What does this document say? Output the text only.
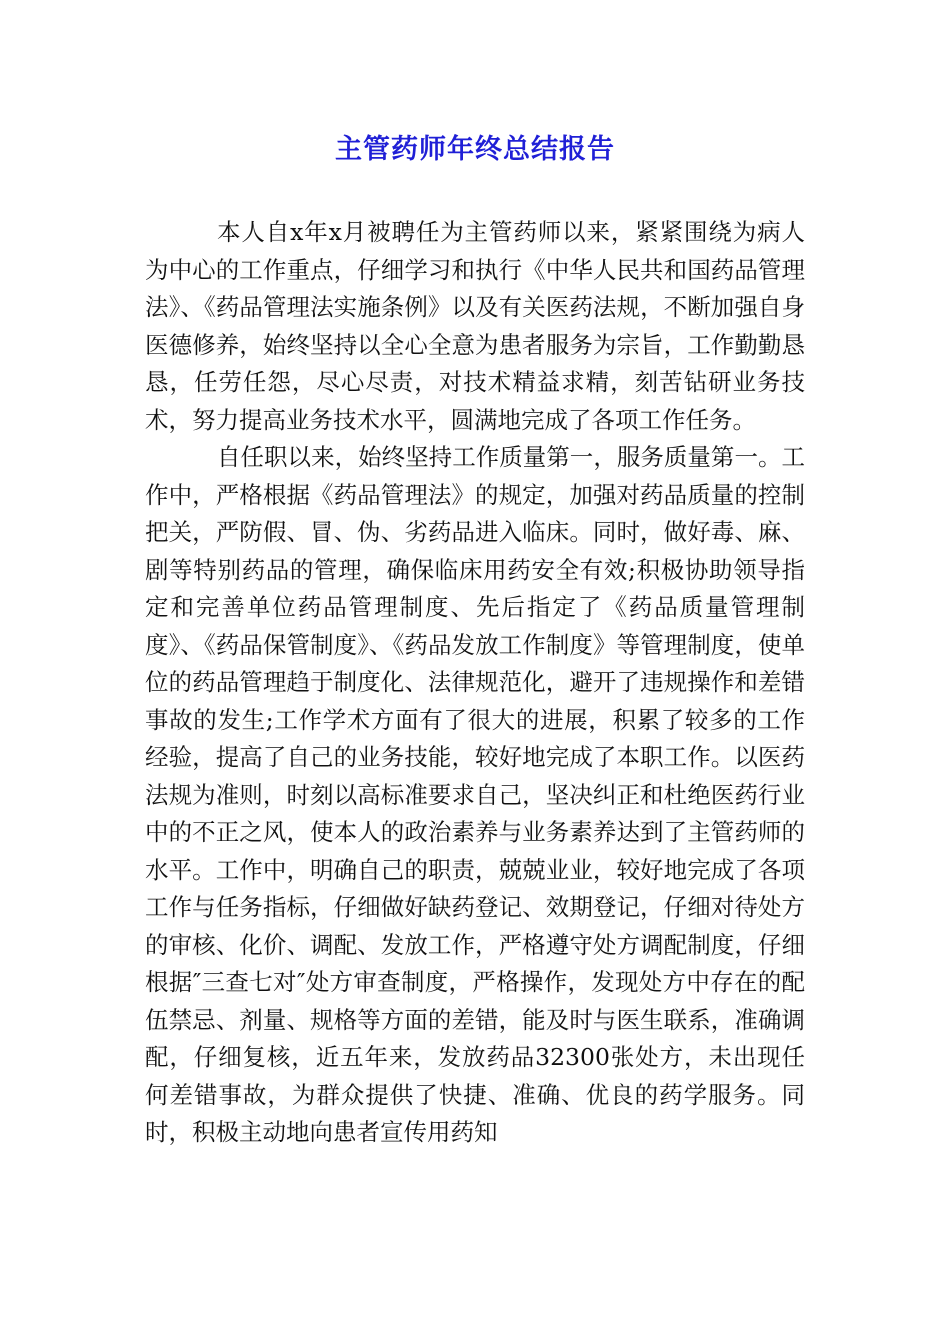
主管药师年终总结报告

本人自x年x月被聘任为主管药师以来，紧紧围绕为病人为中心的工作重点，仔细学习和执行《中华人民共和国药品管理法》、《药品管理法实施条例》以及有关医药法规，不断加强自身医德修养，始终坚持以全心全意为患者服务为宗旨，工作勤勤恳恳，任劳任怨，尽心尽责，对技术精益求精，刻苦钻研业务技术，努力提高业务技术水平，圆满地完成了各项工作任务。

自任职以来，始终坚持工作质量第一，服务质量第一。工作中，严格根据《药品管理法》的规定，加强对药品质量的控制把关，严防假、冒、伪、劣药品进入临床。同时，做好毒、麻、剧等特别药品的管理，确保临床用药安全有效;积极协助领导指定和完善单位药品管理制度、先后指定了《药品质量管理制度》、《药品保管制度》、《药品发放工作制度》等管理制度，使单位的药品管理趋于制度化、法律规范化，避开了违规操作和差错事故的发生;工作学术方面有了很大的进展，积累了较多的工作经验，提高了自己的业务技能，较好地完成了本职工作。以医药法规为准则，时刻以高标准要求自己，坚决纠正和杜绝医药行业中的不正之风，使本人的政治素养与业务素养达到了主管药师的水平。工作中，明确自己的职责，兢兢业业，较好地完成了各项工作与任务指标，仔细做好缺药登记、效期登记，仔细对待处方的审核、化价、调配、发放工作，严格遵守处方调配制度，仔细根据″三查七对″处方审查制度，严格操作，发现处方中存在的配伍禁忌、剂量、规格等方面的差错，能及时与医生联系，准确调配，仔细复核，近五年来，发放药品32300张处方，未出现任何差错事故，为群众提供了快捷、准确、优良的药学服务。同时，积极主动地向患者宣传用药知
